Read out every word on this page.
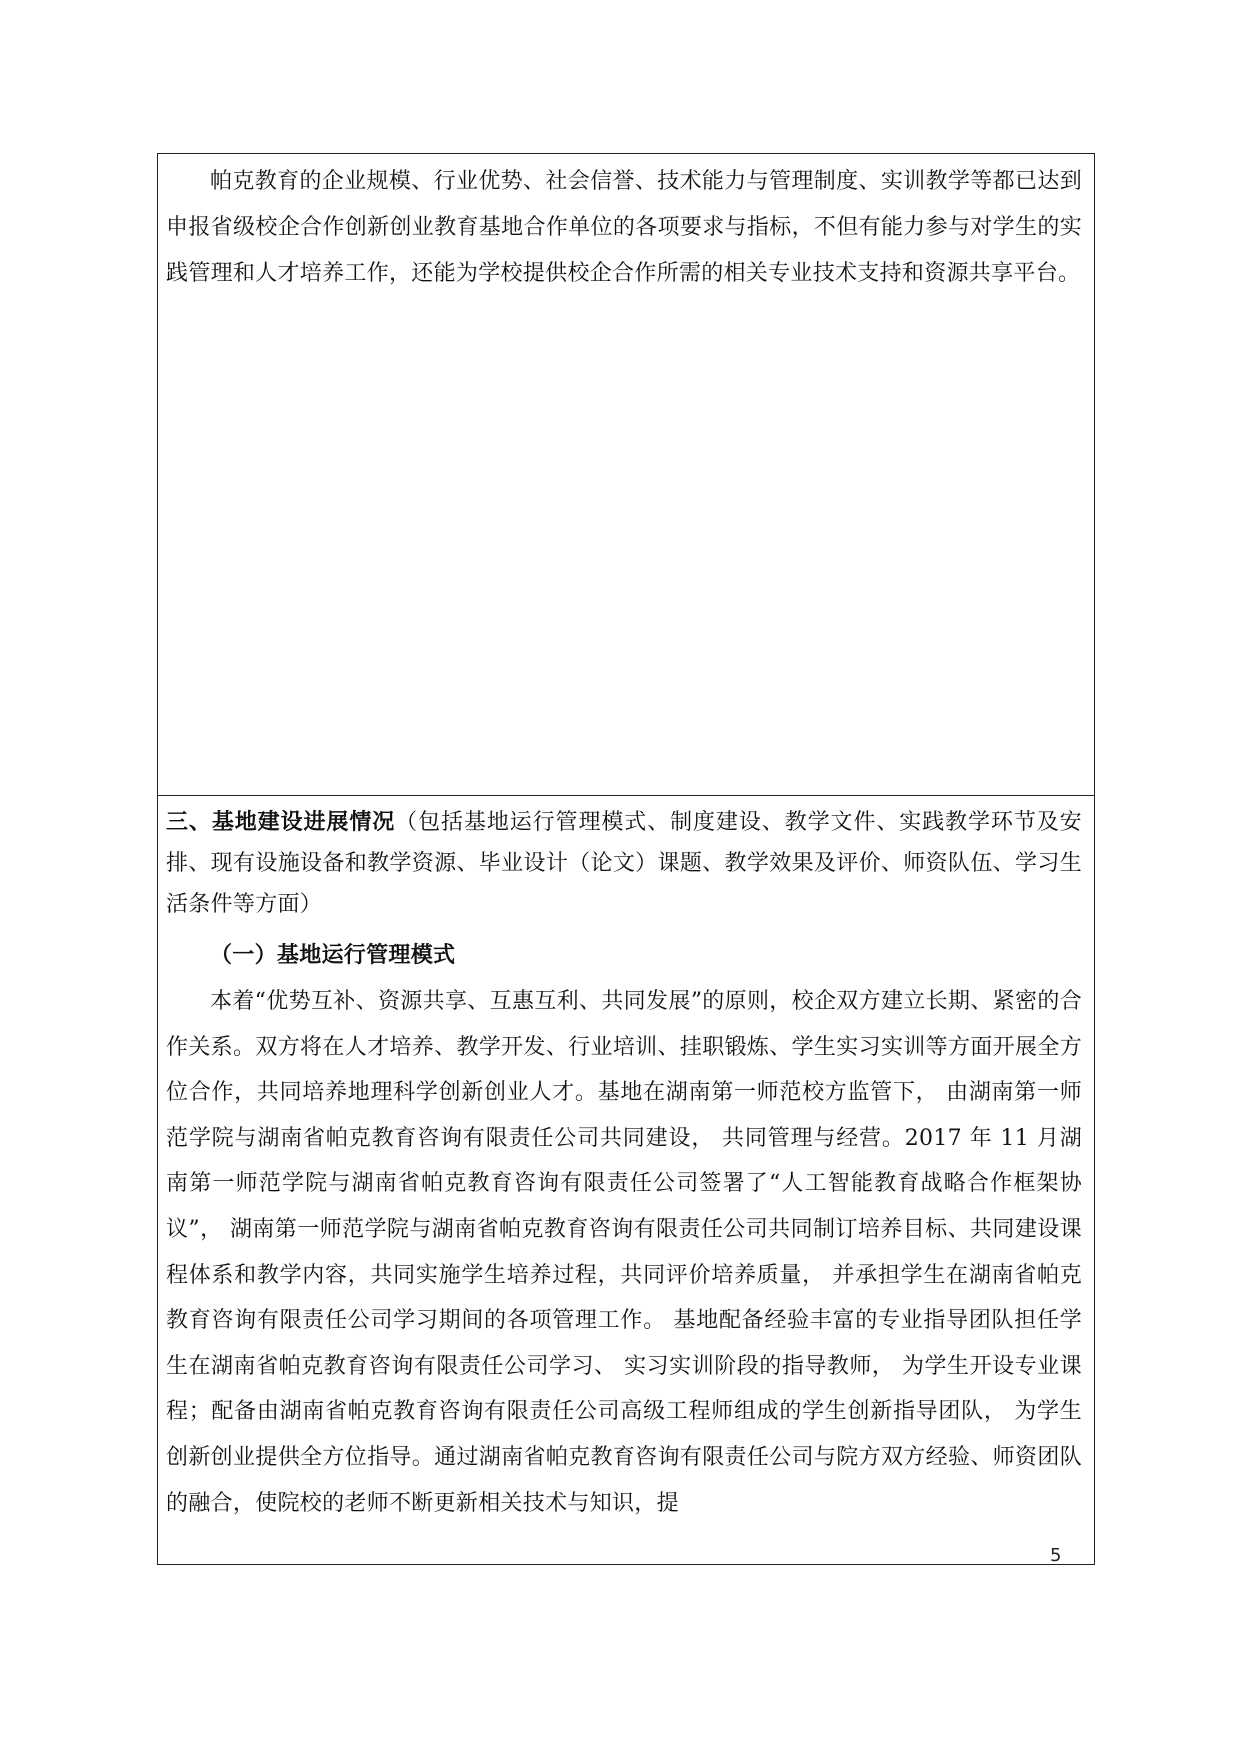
帕克教育的企业规模、行业优势、社会信誉、技术能力与管理制度、实训教学等都已达到申报省级校企合作创新创业教育基地合作单位的各项要求与指标，不但有能力参与对学生的实践管理和人才培养工作，还能为学校提供校企合作所需的相关专业技术支持和资源共享平台。

三、基地建设进展情况（包括基地运行管理模式、制度建设、教学文件、实践教学环节及安排、现有设施设备和教学资源、毕业设计（论文）课题、教学效果及评价、师资队伍、学习生活条件等方面）

（一）基地运行管理模式

本着“优势互补、资源共享、互惠互利、共同发展”的原则，校企双方建立长期、紧密的合作关系。双方将在人才培养、教学开发、行业培训、挂职锻炼、学生实习实训等方面开展全方位合作，共同培养地理科学创新创业人才。基地在湖南第一师范校方监管下， 由湖南第一师范学院与湖南省帕克教育咨询有限责任公司共同建设， 共同管理与经营。2017 年 11 月湖南第一师范学院与湖南省帕克教育咨询有限责任公司签署了“人工智能教育战略合作框架协议”， 湖南第一师范学院与湖南省帕克教育咨询有限责任公司共同制订培养目标、共同建设课程体系和教学内容，共同实施学生培养过程，共同评价培养质量， 并承担学生在湖南省帕克教育咨询有限责任公司学习期间的各项管理工作。 基地配备经验丰富的专业指导团队担任学生在湖南省帕克教育咨询有限责任公司学习、 实习实训阶段的指导教师， 为学生开设专业课程；配备由湖南省帕克教育咨询有限责任公司高级工程师组成的学生创新指导团队， 为学生创新创业提供全方位指导。通过湖南省帕克教育咨询有限责任公司与院方双方经验、师资团队的融合，使院校的老师不断更新相关技术与知识，提

5
